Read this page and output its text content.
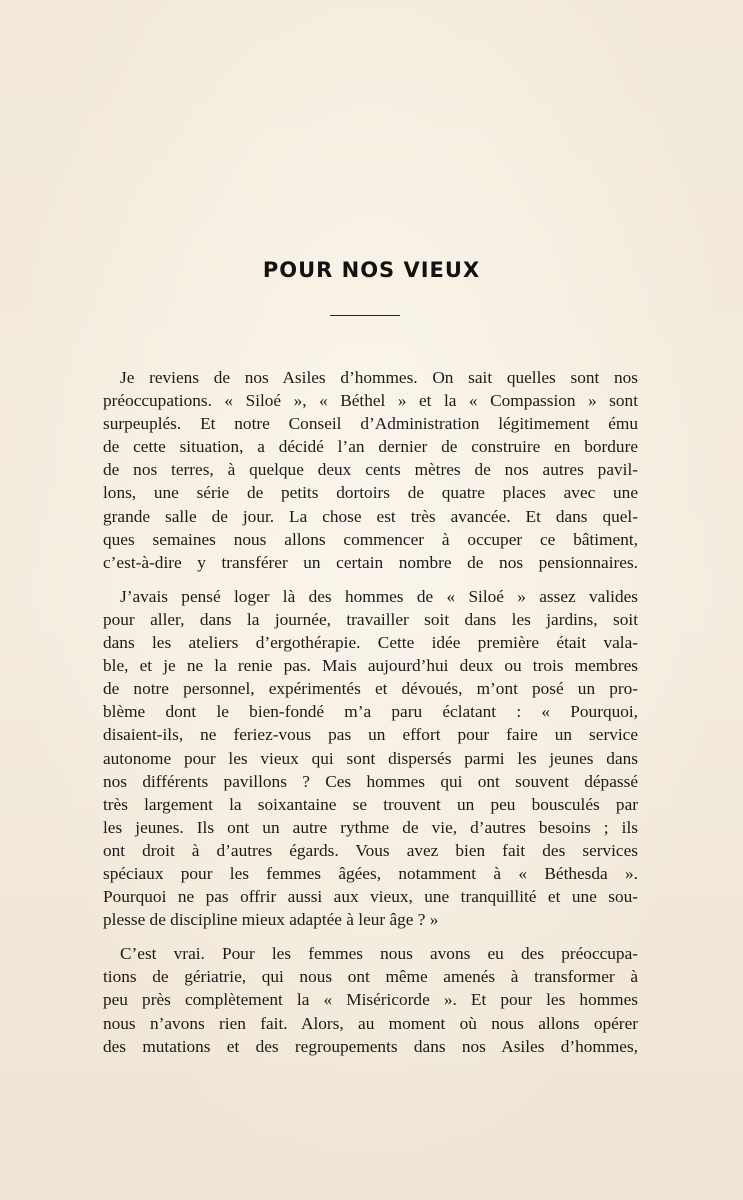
POUR NOS VIEUX

Je reviens de nos Asiles d’hommes. On sait quelles sont nos
préoccupations. « Siloé », « Béthel » et la « Compassion » sont
surpeuplés. Et notre Conseil d’Administration légitimement ému
de cette situation, a décidé l’an dernier de construire en bordure
de nos terres, à quelque deux cents mètres de nos autres pavil-
lons, une série de petits dortoirs de quatre places avec une
grande salle de jour. La chose est très avancée. Et dans quel-
ques semaines nous allons commencer à occuper ce bâtiment,
c’est-à-dire y transférer un certain nombre de nos pensionnaires.

J’avais pensé loger là des hommes de « Siloé » assez valides
pour aller, dans la journée, travailler soit dans les jardins, soit
dans les ateliers d’ergothérapie. Cette idée première était vala-
ble, et je ne la renie pas. Mais aujourd’hui deux ou trois membres
de notre personnel, expérimentés et dévoués, m’ont posé un pro-
blème dont le bien-fondé m’a paru éclatant : « Pourquoi,
disaient-ils, ne feriez-vous pas un effort pour faire un service
autonome pour les vieux qui sont dispersés parmi les jeunes dans
nos différents pavillons ? Ces hommes qui ont souvent dépassé
très largement la soixantaine se trouvent un peu bousculés par
les jeunes. Ils ont un autre rythme de vie, d’autres besoins ; ils
ont droit à d’autres égards. Vous avez bien fait des services
spéciaux pour les femmes âgées, notamment à « Béthesda ».
Pourquoi ne pas offrir aussi aux vieux, une tranquillité et une sou-
plesse de discipline mieux adaptée à leur âge ? »

C’est vrai. Pour les femmes nous avons eu des préoccupa-
tions de gériatrie, qui nous ont même amenés à transformer à
peu près complètement la « Miséricorde ». Et pour les hommes
nous n’avons rien fait. Alors, au moment où nous allons opérer
des mutations et des regroupements dans nos Asiles d’hommes,
